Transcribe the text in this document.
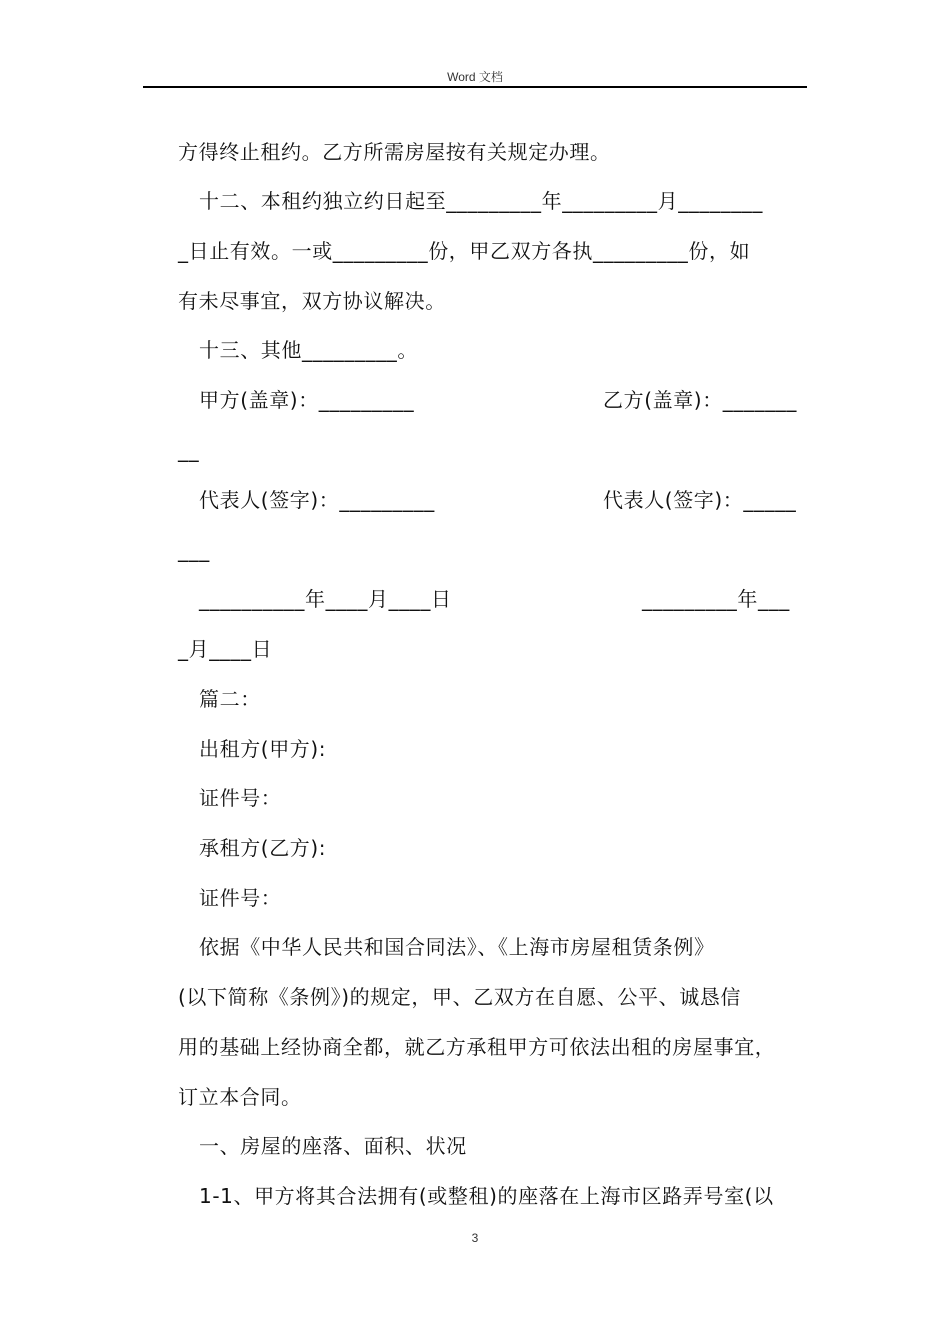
Word 文档
方得终止租约。乙方所需房屋按有关规定办理。
十二、本租约独立约日起至_________年_________月________
_日止有效。一或_________份，甲乙双方各执_________份，如
有未尽事宜，双方协议解决。
十三、其他_________。
甲方(盖章)：_________	乙方(盖章)：_______
__
代表人(签字)：_________	代表人(签字)：_____
___
__________年____月____日	_________年___
_月____日
篇二：
出租方(甲方):
证件号：
承租方(乙方):
证件号：
依据《中华人民共和国合同法》、《上海市房屋租赁条例》
(以下简称《条例》)的规定，甲、乙双方在自愿、公平、诚恳信
用的基础上经协商全都，就乙方承租甲方可依法出租的房屋事宜，
订立本合同。
一、房屋的座落、面积、状况
1-1、甲方将其合法拥有(或整租)的座落在上海市区路弄号室(以
3
